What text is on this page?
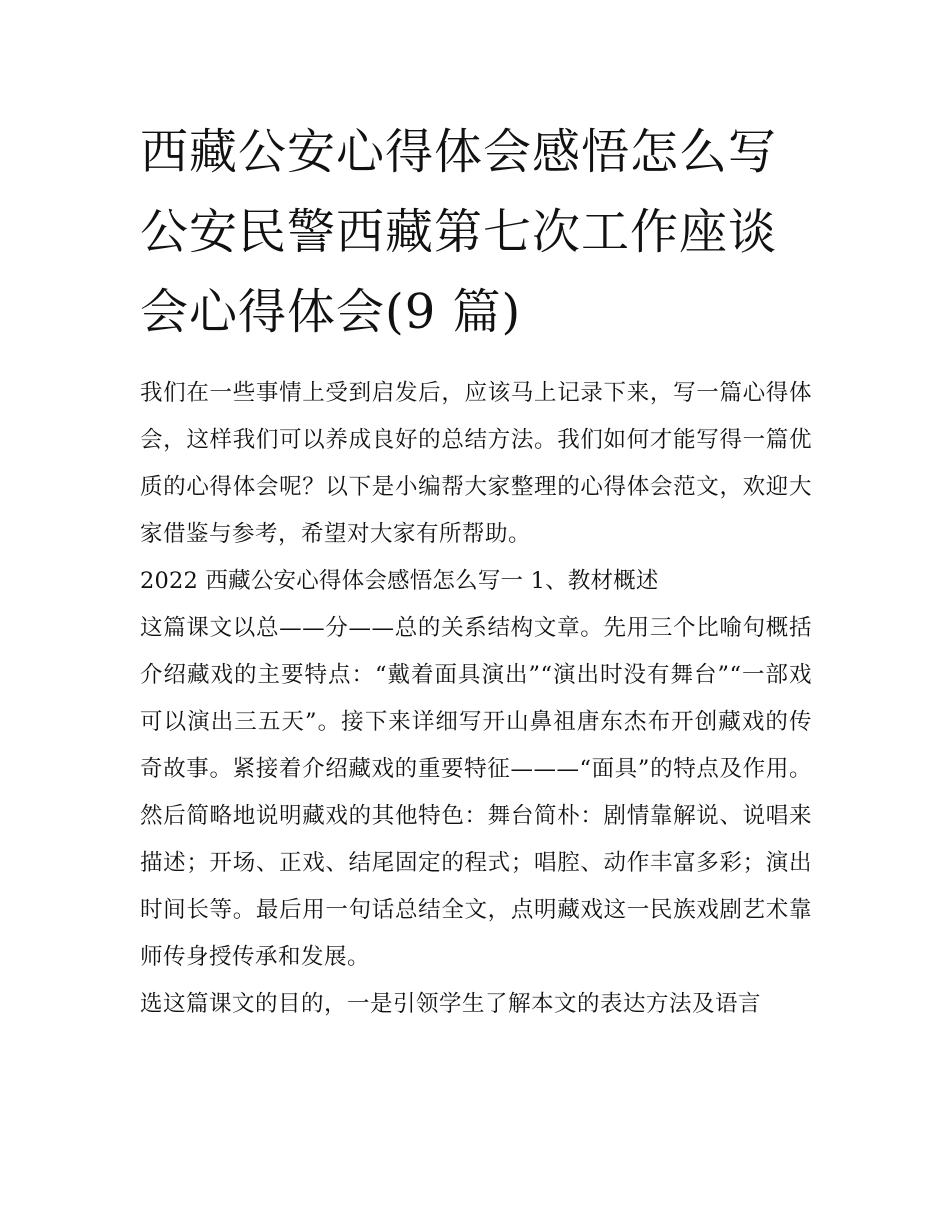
西藏公安心得体会感悟怎么写
公安民警西藏第七次工作座谈
会心得体会(9 篇)

我们在一些事情上受到启发后，应该马上记录下来，写一篇心得体会，这样我们可以养成良好的总结方法。我们如何才能写得一篇优质的心得体会呢？以下是小编帮大家整理的心得体会范文，欢迎大家借鉴与参考，希望对大家有所帮助。

2022 西藏公安心得体会感悟怎么写一 1、教材概述

这篇课文以总——分——总的关系结构文章。先用三个比喻句概括介绍藏戏的主要特点：“戴着面具演出”“演出时没有舞台”“一部戏可以演出三五天”。接下来详细写开山鼻祖唐东杰布开创藏戏的传奇故事。紧接着介绍藏戏的重要特征———“面具”的特点及作用。然后简略地说明藏戏的其他特色：舞台简朴：剧情靠解说、说唱来描述；开场、正戏、结尾固定的程式；唱腔、动作丰富多彩；演出时间长等。最后用一句话总结全文，点明藏戏这一民族戏剧艺术靠师传身授传承和发展。

选这篇课文的目的，一是引领学生了解本文的表达方法及语言
